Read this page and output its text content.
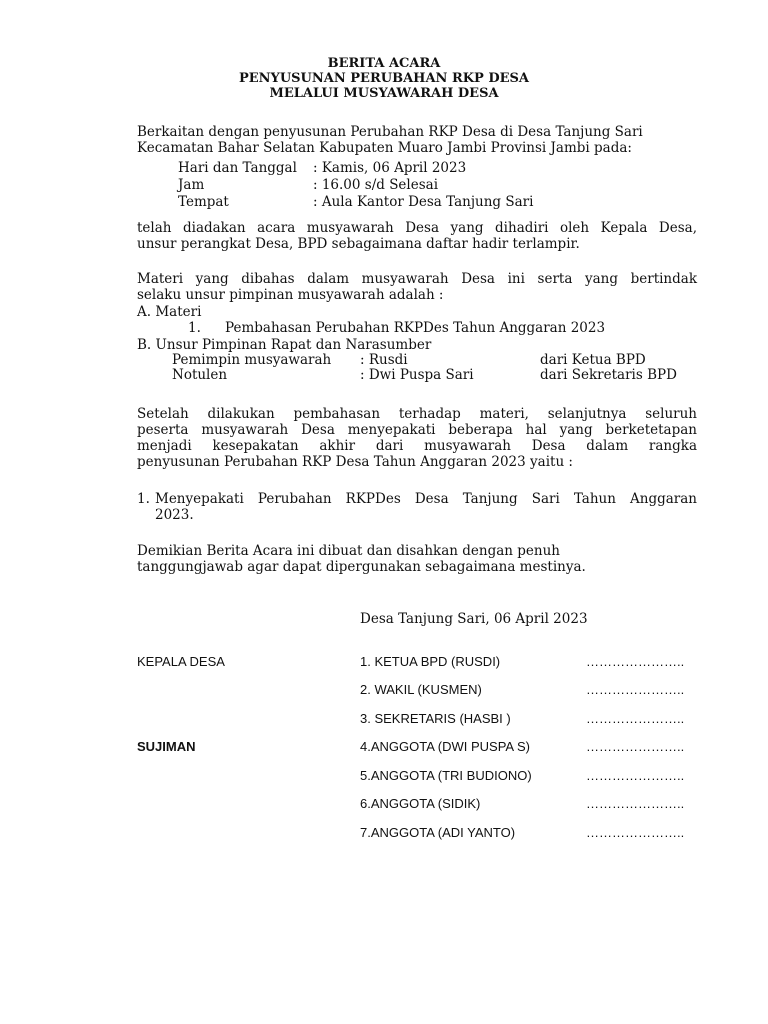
BERITA ACARA
PENYUSUNAN PERUBAHAN RKP DESA
MELALUI MUSYAWARAH DESA
Berkaitan dengan penyusunan Perubahan RKP Desa di Desa Tanjung Sari
Kecamatan Bahar Selatan Kabupaten Muaro Jambi Provinsi Jambi pada:
Hari dan Tanggal : Kamis, 06 April 2023
Jam	: 16.00 s/d Selesai
Tempat	: Aula Kantor Desa Tanjung Sari
telah diadakan acara musyawarah Desa yang dihadiri oleh Kepala Desa,
unsur perangkat Desa, BPD sebagaimana daftar hadir terlampir.
Materi yang dibahas dalam musyawarah Desa ini serta yang bertindak
selaku unsur pimpinan musyawarah adalah :
A. Materi
1. Pembahasan Perubahan RKPDes Tahun Anggaran 2023
B. Unsur Pimpinan Rapat dan Narasumber
Pemimpin musyawarah : Rusdi	dari Ketua BPD
Notulen	: Dwi Puspa Sari	dari Sekretaris BPD
Setelah dilakukan pembahasan terhadap materi, selanjutnya seluruh
peserta musyawarah Desa menyepakati beberapa hal yang berketetapan
menjadi kesepakatan akhir dari musyawarah Desa dalam rangka
penyusunan Perubahan RKP Desa Tahun Anggaran 2023 yaitu :
1. Menyepakati Perubahan RKPDes Desa Tanjung Sari Tahun Anggaran
2023.
Demikian Berita Acara ini dibuat dan disahkan dengan penuh
tanggungjawab agar dapat dipergunakan sebagaimana mestinya.
Desa Tanjung Sari, 06 April 2023
KEPALA DESA
SUJIMAN
1. KETUA BPD (RUSDI)	…………………..
2. WAKIL (KUSMEN)	…………………..
3. SEKRETARIS (HASBI )	…………………..
4.ANGGOTA (DWI PUSPA S)	…………………..
5.ANGGOTA (TRI BUDIONO)	…………………..
6.ANGGOTA (SIDIK)	…………………..
7.ANGGOTA (ADI YANTO)	…………………..
